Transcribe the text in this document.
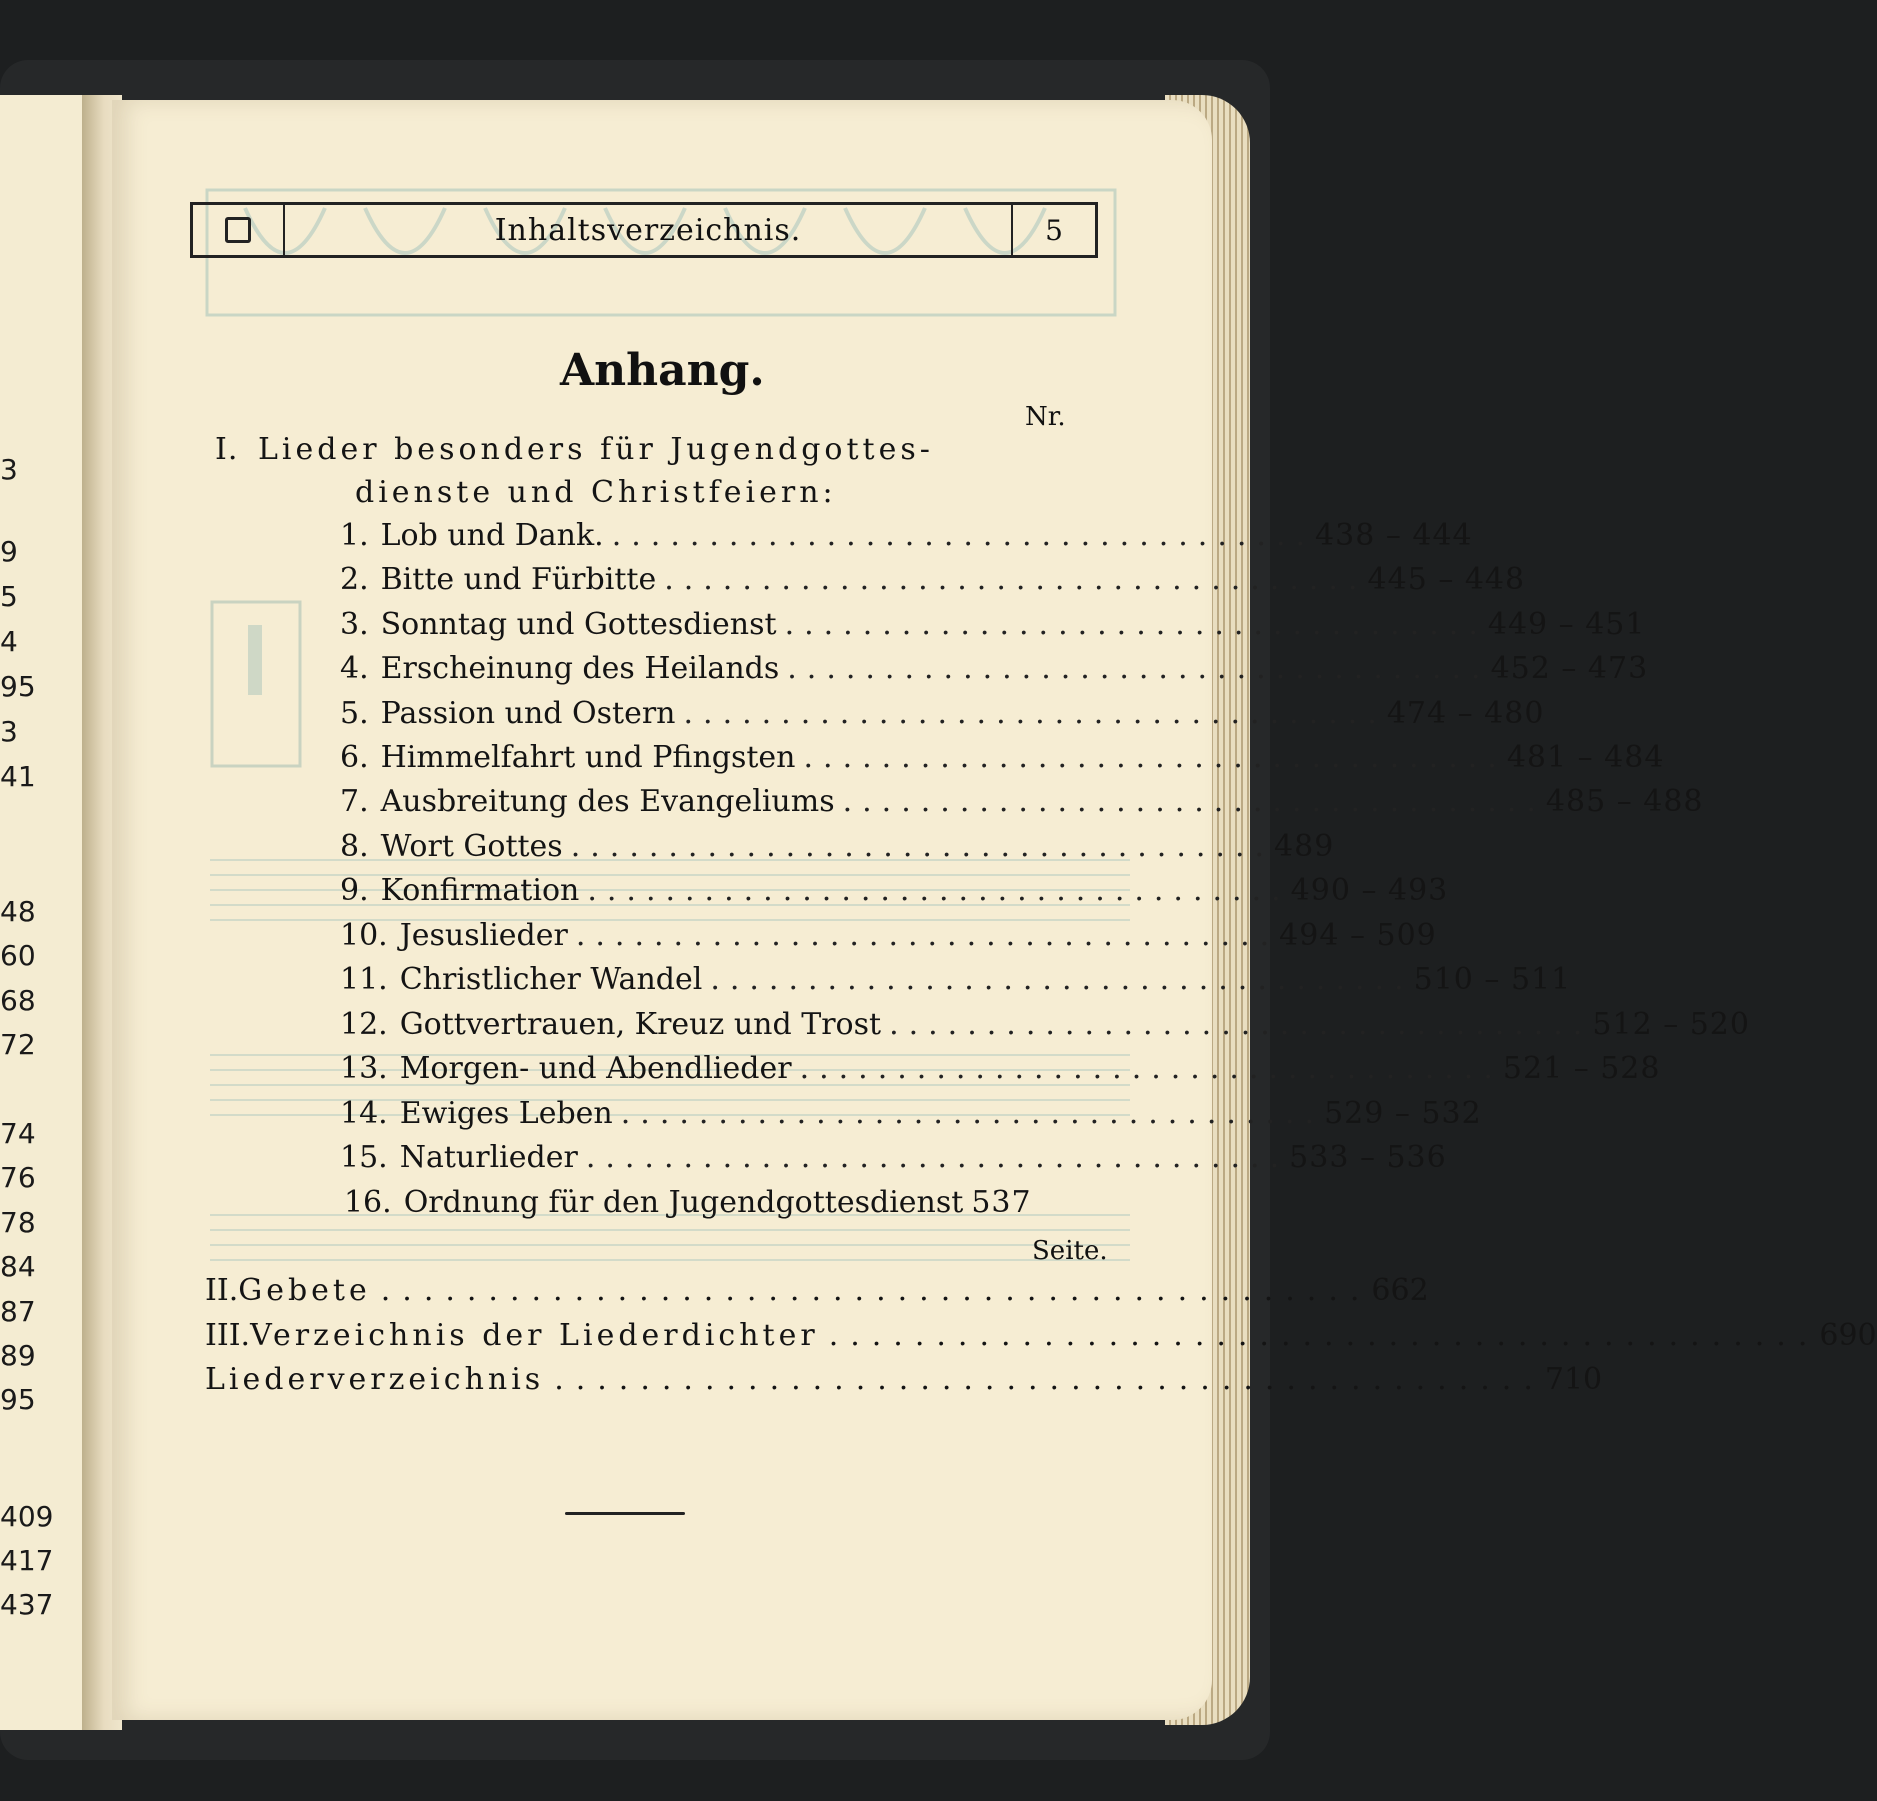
3
9
5
4
95
3
41
48
60
68
72
74
76
78
84
87
89
95
409
417
437
Inhaltsverzeichnis.	5
Anhang.
Nr.
I. Lieder besonders für Jugendgottes-
dienste und Christfeiern:
1. Lob und Dank. .................................... 438 – 444
2. Bitte und Fürbitte .................................... 445 – 448
3. Sonntag und Gottesdienst .................................... 449 – 451
4. Erscheinung des Heilands .................................... 452 – 473
5. Passion und Ostern .................................... 474 – 480
6. Himmelfahrt und Pfingsten .................................... 481 – 484
7. Ausbreitung des Evangeliums .................................... 485 – 488
8. Wort Gottes .................................... 489
9. Konfirmation .................................... 490 – 493
10. Jesuslieder .................................... 494 – 509
11. Christlicher Wandel .................................... 510 – 511
12. Gottvertrauen, Kreuz und Trost .................................... 512 – 520
13. Morgen- und Abendlieder .................................... 521 – 528
14. Ewiges Leben .................................... 529 – 532
15. Naturlieder .................................... 533 – 536
16. Ordnung für den Jugendgottesdienst 537
Seite.
II. Gebete .............................................. 662
III. Verzeichnis der Liederdichter .............................................. 690
Liederverzeichnis .............................................. 710
